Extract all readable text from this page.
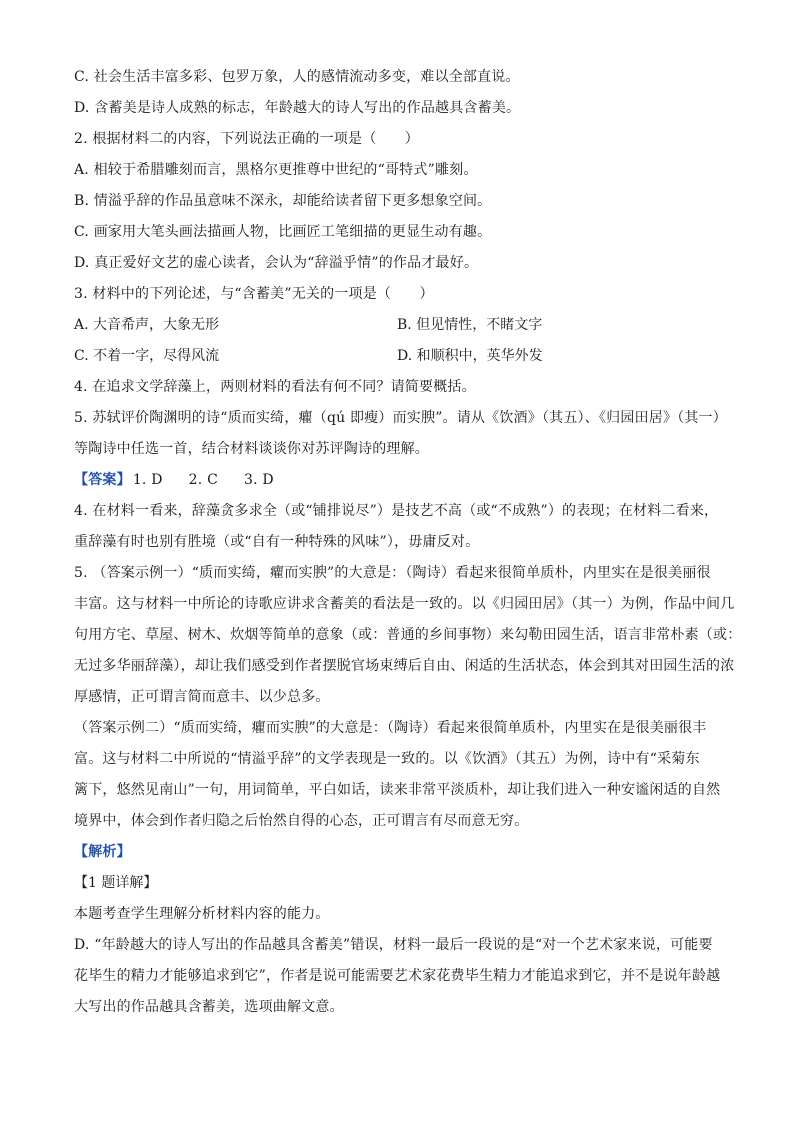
C. 社会生活丰富多彩、包罗万象，人的感情流动多变，难以全部直说。
D. 含蓄美是诗人成熟的标志，年龄越大的诗人写出的作品越具含蓄美。
2. 根据材料二的内容，下列说法正确的一项是（　　）
A. 相较于希腊雕刻而言，黑格尔更推尊中世纪的“哥特式”雕刻。
B. 情溢乎辞的作品虽意味不深永，却能给读者留下更多想象空间。
C. 画家用大笔头画法描画人物，比画匠工笔细描的更显生动有趣。
D. 真正爱好文艺的虚心读者，会认为“辞溢乎情”的作品才最好。
3. 材料中的下列论述，与“含蓄美”无关的一项是（　　）
A. 大音希声，大象无形	B. 但见情性，不睹文字
C. 不着一字，尽得风流	D. 和顺积中，英华外发
4. 在追求文学辞藻上，两则材料的看法有何不同？请简要概括。
5. 苏轼评价陶渊明的诗“质而实绮，癯（qú 即瘦）而实腴”。请从《饮酒》（其五）、《归园田居》（其一）
等陶诗中任选一首，结合材料谈谈你对苏评陶诗的理解。
【答案】 1. D 2. C 3. D
4. 在材料一看来，辞藻贪多求全（或“铺排说尽”）是技艺不高（或“不成熟”）的表现；在材料二看来，
重辞藻有时也别有胜境（或“自有一种特殊的风味”），毋庸反对。
5. （答案示例一）“质而实绮，癯而实腴”的大意是：（陶诗）看起来很简单质朴，内里实在是很美丽很
丰富。这与材料一中所论的诗歌应讲求含蓄美的看法是一致的。以《归园田居》（其一）为例，作品中间几
句用方宅、草屋、树木、炊烟等简单的意象（或：普通的乡间事物）来勾勒田园生活，语言非常朴素（或：
无过多华丽辞藻），却让我们感受到作者摆脱官场束缚后自由、闲适的生活状态，体会到其对田园生活的浓
厚感情，正可谓言简而意丰、以少总多。
（答案示例二）“质而实绮，癯而实腴”的大意是：（陶诗）看起来很简单质朴，内里实在是很美丽很丰
富。这与材料二中所说的“情溢乎辞”的文学表现是一致的。以《饮酒》（其五）为例，诗中有“采菊东
篱下，悠然见南山”一句，用词简单，平白如话，读来非常平淡质朴，却让我们进入一种安谧闲适的自然
境界中，体会到作者归隐之后怡然自得的心态，正可谓言有尽而意无穷。
【解析】
【1 题详解】
本题考查学生理解分析材料内容的能力。
D. “年龄越大的诗人写出的作品越具含蓄美”错误，材料一最后一段说的是“对一个艺术家来说，可能要
花毕生的精力才能够追求到它”，作者是说可能需要艺术家花费毕生精力才能追求到它，并不是说年龄越
大写出的作品越具含蓄美，选项曲解文意。
